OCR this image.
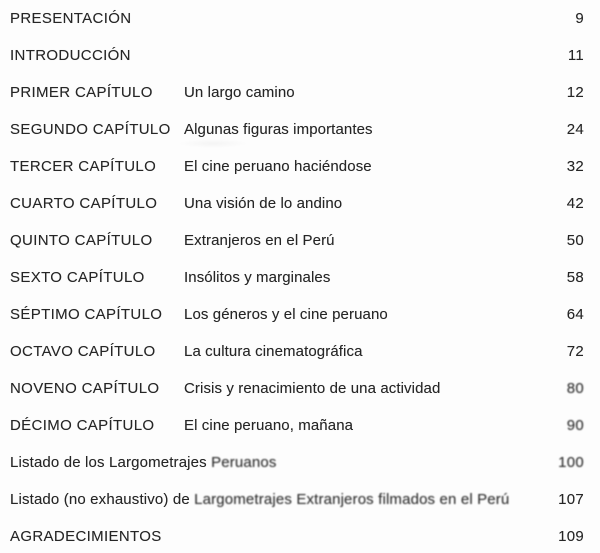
PRESENTACIÓN	9
INTRODUCCIÓN	11
PRIMER CAPÍTULO Un largo camino	12
SEGUNDO CAPÍTULO Algunas figuras importantes	24
TERCER CAPÍTULO El cine peruano haciéndose	32
CUARTO CAPÍTULO Una visión de lo andino	42
QUINTO CAPÍTULO Extranjeros en el Perú	50
SEXTO CAPÍTULO	Insólitos y marginales	58
SÉPTIMO CAPÍTULO Los géneros y el cine peruano	64
OCTAVO CAPÍTULO La cultura cinematográfica	72
NOVENO CAPÍTULO Crisis y renacimiento de una actividad	80
DÉCIMO CAPÍTULO El cine peruano, mañana	90
Listado de los Largometrajes Peruanos	100
Listado (no exhaustivo) de Largometrajes Extranjeros filmados en el Perú	107
AGRADECIMIENTOS	109
